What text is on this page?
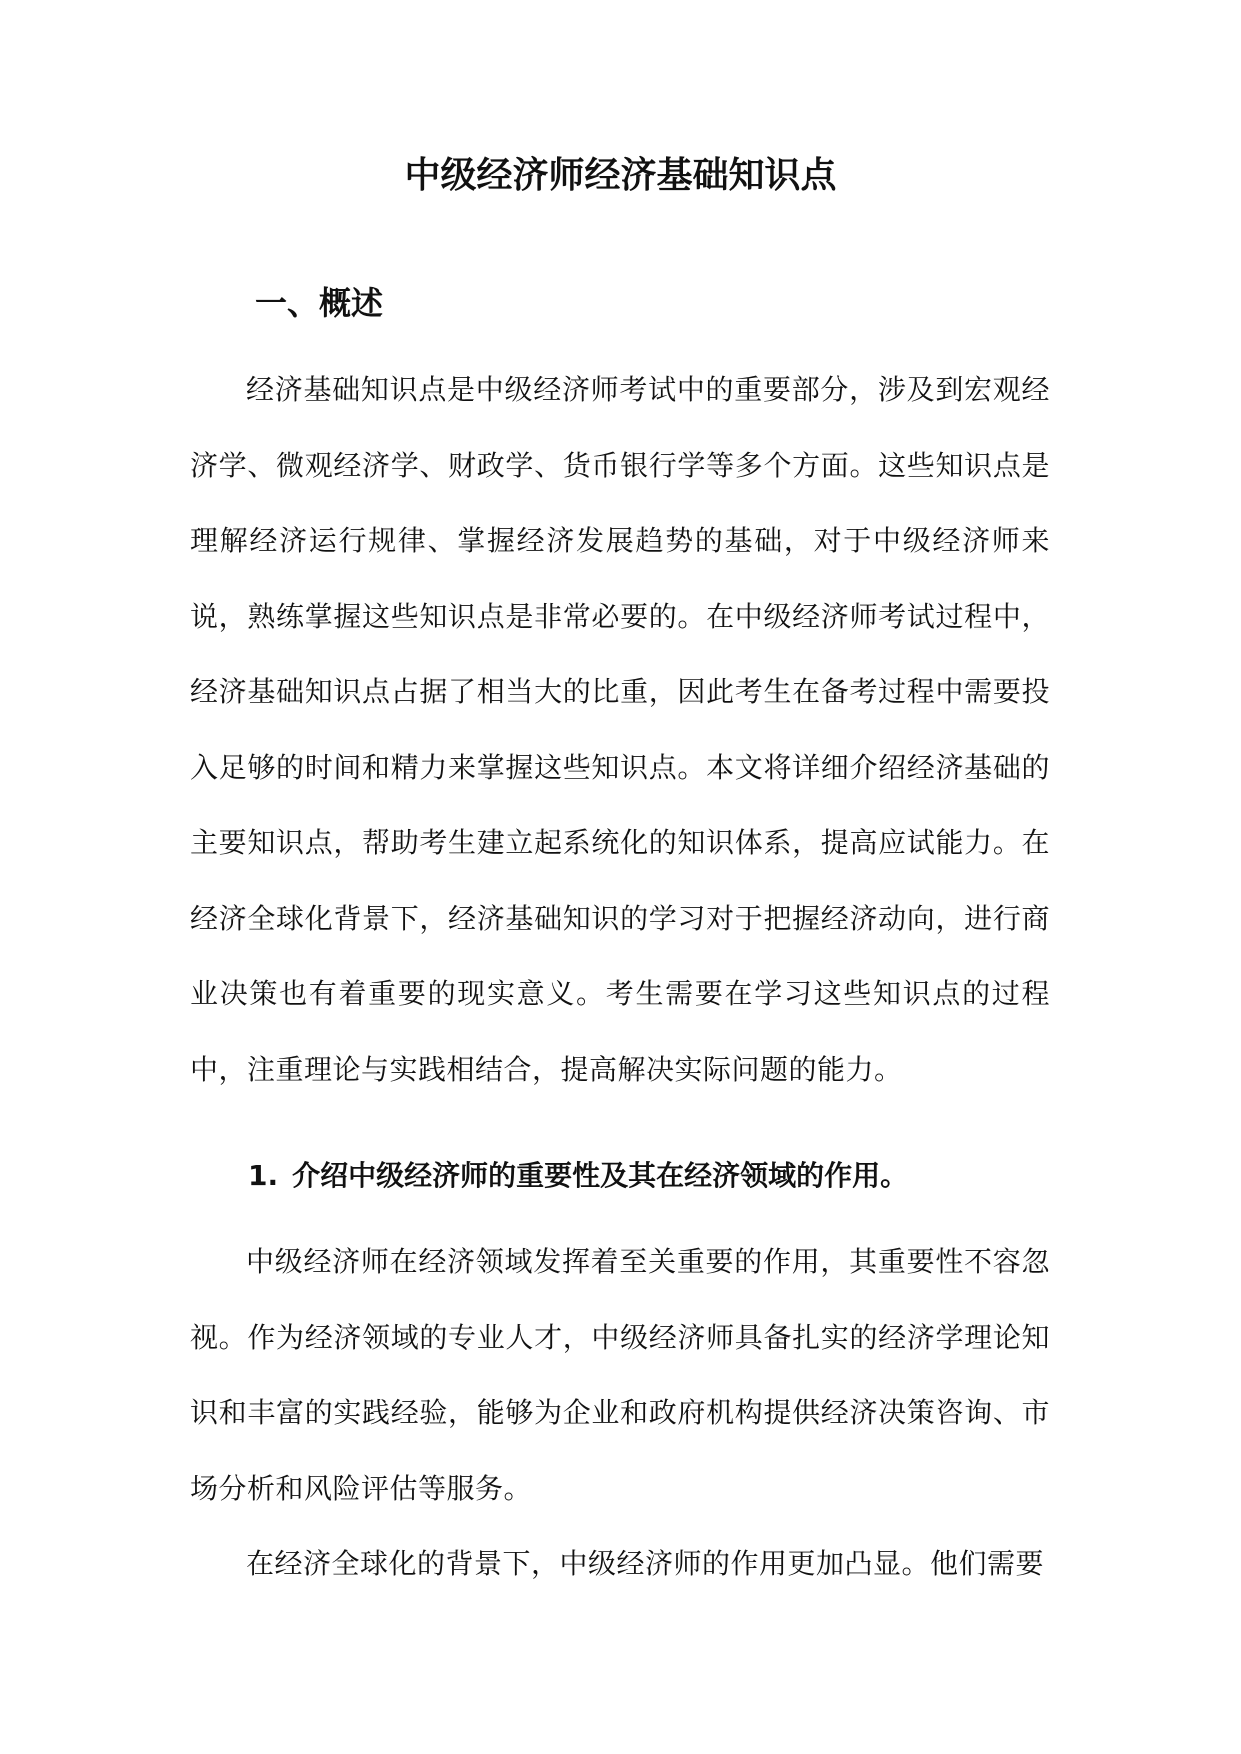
中级经济师经济基础知识点
一、概述

经济基础知识点是中级经济师考试中的重要部分，涉及到宏观经济学、微观经济学、财政学、货币银行学等多个方面。这些知识点是理解经济运行规律、掌握经济发展趋势的基础，对于中级经济师来说，熟练掌握这些知识点是非常必要的。在中级经济师考试过程中，经济基础知识点占据了相当大的比重，因此考生在备考过程中需要投入足够的时间和精力来掌握这些知识点。本文将详细介绍经济基础的主要知识点，帮助考生建立起系统化的知识体系，提高应试能力。在经济全球化背景下，经济基础知识的学习对于把握经济动向，进行商业决策也有着重要的现实意义。考生需要在学习这些知识点的过程中，注重理论与实践相结合，提高解决实际问题的能力。

1. 介绍中级经济师的重要性及其在经济领域的作用。

中级经济师在经济领域发挥着至关重要的作用，其重要性不容忽视。作为经济领域的专业人才，中级经济师具备扎实的经济学理论知识和丰富的实践经验，能够为企业和政府机构提供经济决策咨询、市场分析和风险评估等服务。

在经济全球化的背景下，中级经济师的作用更加凸显。他们需要
